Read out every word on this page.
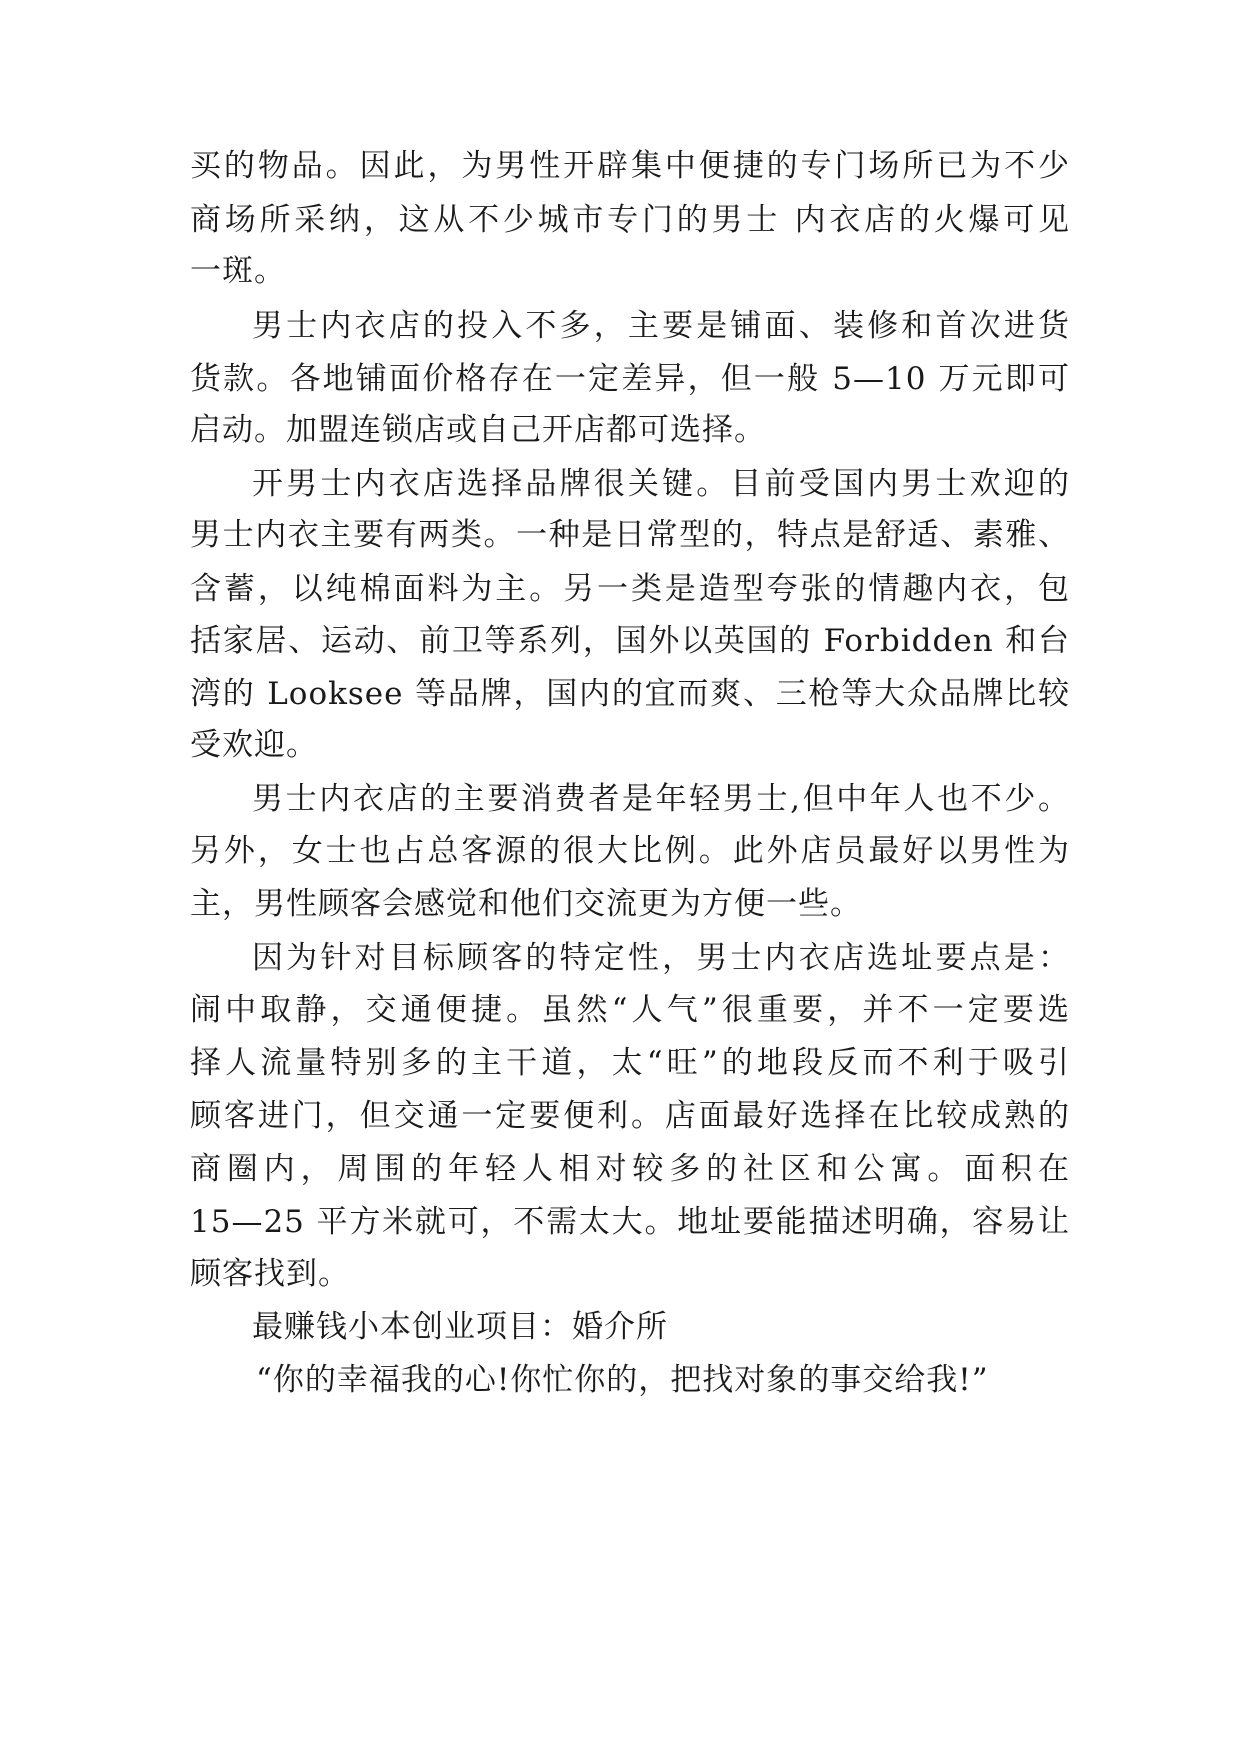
买的物品。因此，为男性开辟集中便捷的专门场所已为不少
商场所采纳，这从不少城市专门的男士 内衣店的火爆可见
一斑。
男士内衣店的投入不多，主要是铺面、装修和首次进货
货款。各地铺面价格存在一定差异，但一般 5—10 万元即可
启动。加盟连锁店或自己开店都可选择。
开男士内衣店选择品牌很关键。目前受国内男士欢迎的
男士内衣主要有两类。一种是日常型的，特点是舒适、素雅、
含蓄，以纯棉面料为主。另一类是造型夸张的情趣内衣，包
括家居、运动、前卫等系列，国外以英国的 Forbidden 和台
湾的 Looksee 等品牌，国内的宜而爽、三枪等大众品牌比较
受欢迎。
男士内衣店的主要消费者是年轻男士,但中年人也不少。
另外，女士也占总客源的很大比例。此外店员最好以男性为
主，男性顾客会感觉和他们交流更为方便一些。
因为针对目标顾客的特定性，男士内衣店选址要点是：
闹中取静，交通便捷。虽然“人气”很重要，并不一定要选
择人流量特别多的主干道，太“旺”的地段反而不利于吸引
顾客进门，但交通一定要便利。店面最好选择在比较成熟的
商圈内，周围的年轻人相对较多的社区和公寓。面积在
15—25 平方米就可，不需太大。地址要能描述明确，容易让
顾客找到。
最赚钱小本创业项目：婚介所
“你的幸福我的心!你忙你的，把找对象的事交给我!”
